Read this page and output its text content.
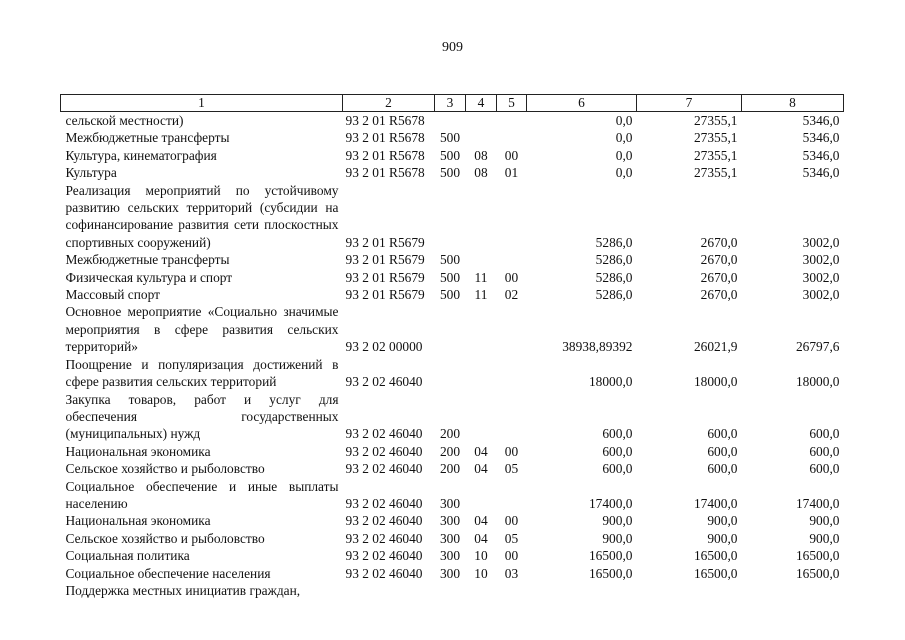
909
1	2	3	4	5	6	7	8
сельской местности)	93 2 01 R5678				0,0	27355,1	5346,0
Межбюджетные трансферты	93 2 01 R5678	500			0,0	27355,1	5346,0
Культура, кинематография	93 2 01 R5678	500	08	00	0,0	27355,1	5346,0
Культура	93 2 01 R5678	500	08	01	0,0	27355,1	5346,0
Реализация мероприятий по устойчивому развитию сельских территорий (субсидии на софинансирование развития сети плоскостных спортивных сооружений)	93 2 01 R5679				5286,0	2670,0	3002,0
Межбюджетные трансферты	93 2 01 R5679	500			5286,0	2670,0	3002,0
Физическая культура и спорт	93 2 01 R5679	500	11	00	5286,0	2670,0	3002,0
Массовый спорт	93 2 01 R5679	500	11	02	5286,0	2670,0	3002,0
Основное мероприятие «Социально значимые мероприятия в сфере развития сельских территорий»	93 2 02 00000				38938,89392	26021,9	26797,6
Поощрение и популяризация достижений в сфере развития сельских территорий	93 2 02 46040				18000,0	18000,0	18000,0
Закупка товаров, работ и услуг для обеспечения государственных (муниципальных) нужд	93 2 02 46040	200			600,0	600,0	600,0
Национальная экономика	93 2 02 46040	200	04	00	600,0	600,0	600,0
Сельское хозяйство и рыболовство	93 2 02 46040	200	04	05	600,0	600,0	600,0
Социальное обеспечение и иные выплаты населению	93 2 02 46040	300			17400,0	17400,0	17400,0
Национальная экономика	93 2 02 46040	300	04	00	900,0	900,0	900,0
Сельское хозяйство и рыболовство	93 2 02 46040	300	04	05	900,0	900,0	900,0
Социальная политика	93 2 02 46040	300	10	00	16500,0	16500,0	16500,0
Социальное обеспечение населения	93 2 02 46040	300	10	03	16500,0	16500,0	16500,0
Поддержка местных инициатив граждан,							
